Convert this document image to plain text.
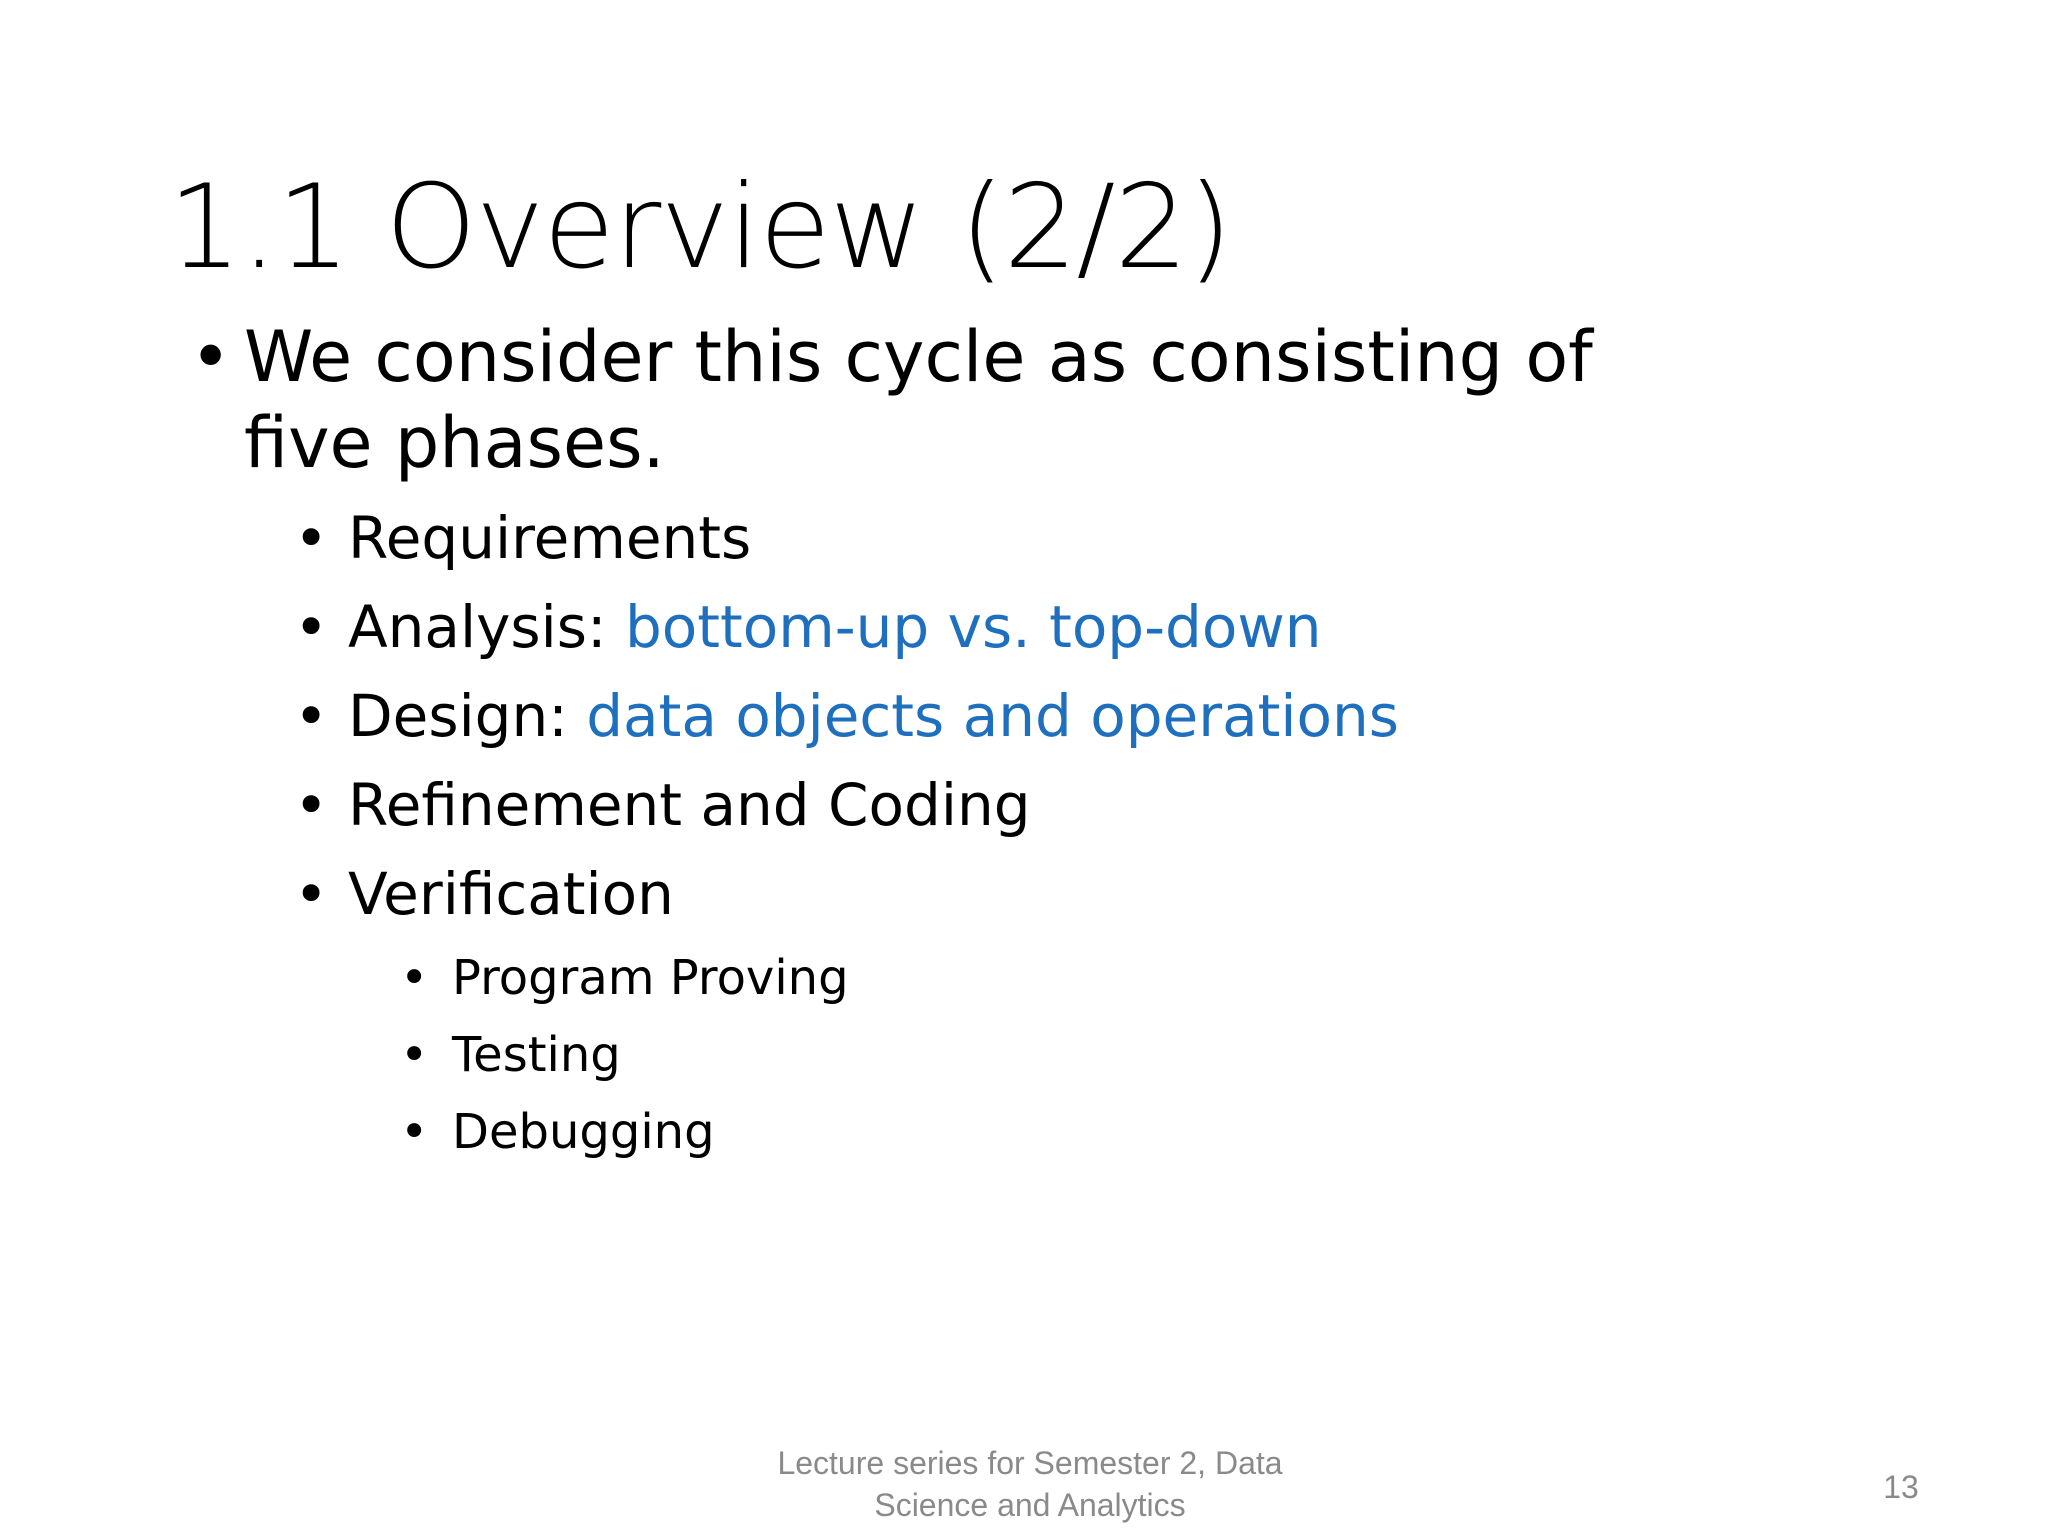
1.1 Overview (2/2)
• We consider this cycle as consisting of
five phases.
• Requirements
• Analysis: bottom-up vs. top-down
• Design: data objects and operations
• Refinement and Coding
• Verification
• Program Proving
• Testing
• Debugging
Lecture series for Semester 2, Data
Science and Analytics	13
